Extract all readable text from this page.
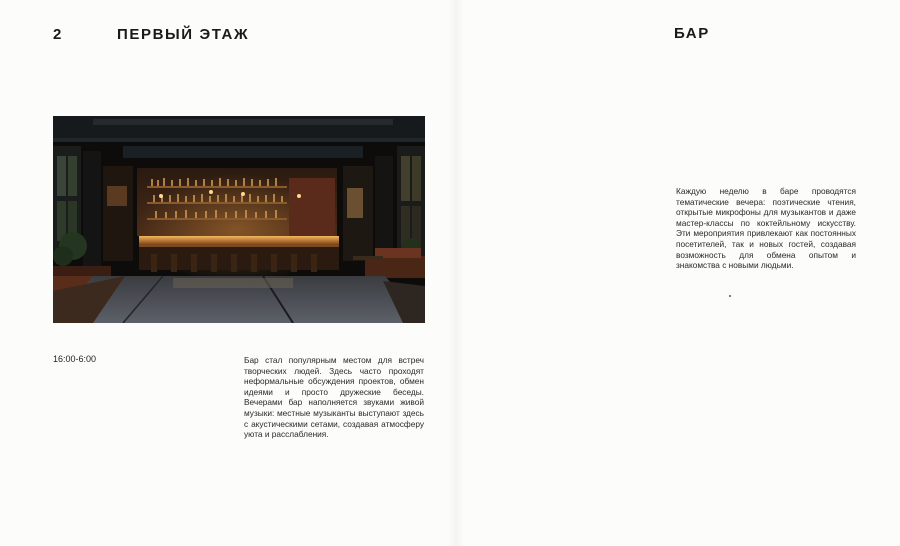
2	ПЕРВЫЙ ЭТАЖ
16:00-6:00	Бар стал популярным местом для встреч творческих людей. Здесь часто проходят неформальные обсуждения проектов, обмен идеями и просто дружеские беседы. Вечерами бар наполняется звуками живой музыки: местные музыканты выступают здесь с акустическими сетами, создавая атмосферу уюта и расслабления.

БАР

Каждую неделю в баре проводятся тематические вечера: поэтические чтения, открытые микрофоны для музыкантов и даже мастер-классы по коктейльному искусству. Эти мероприятия привлекают как постоянных посетителей, так и новых гостей, создавая возможность для обмена опытом и знакомства с новыми людьми.
